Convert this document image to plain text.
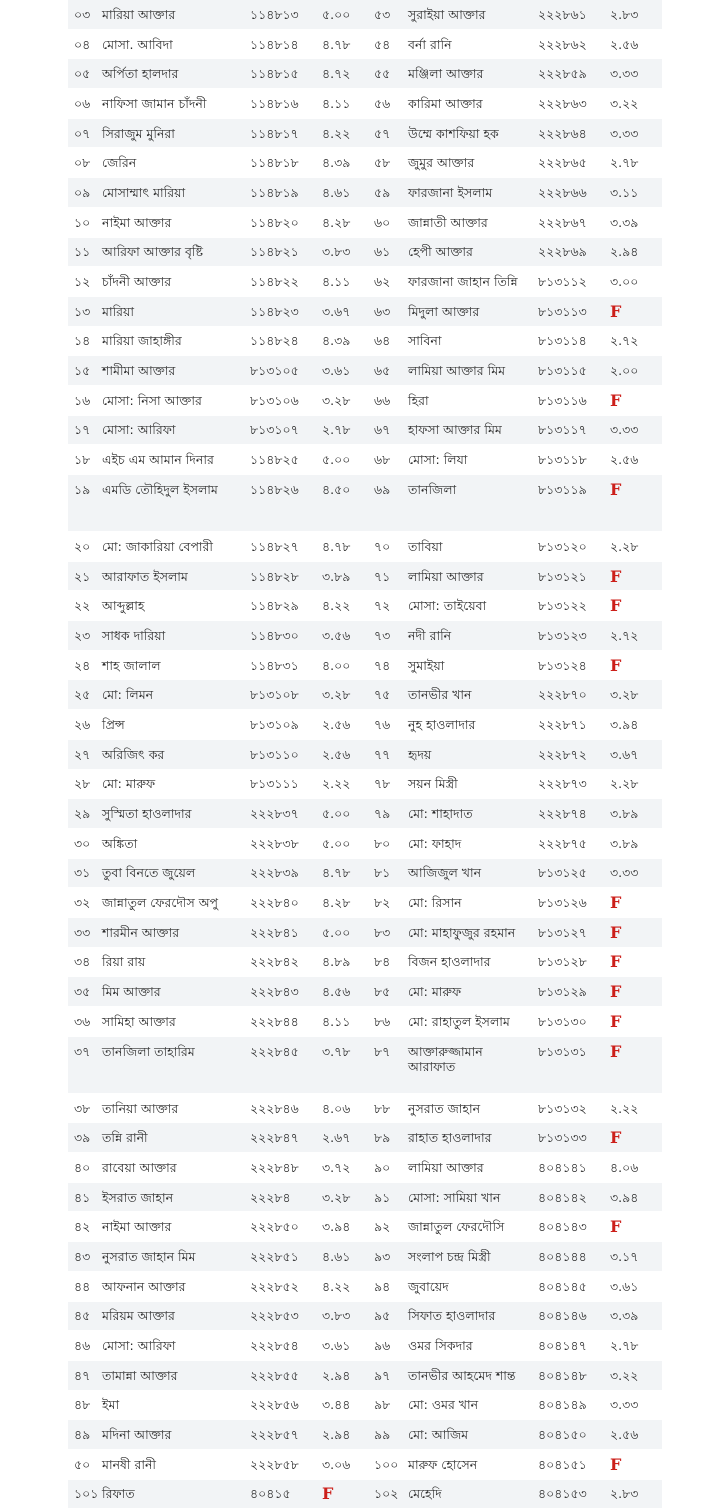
০৩	মারিয়া আক্তার	১১৪৮১৩	৫.০০	৫৩	সুরাইয়া আক্তার	২২২৮৬১	২.৮৩
০৪	মোসা. আবিদা	১১৪৮১৪	৪.৭৮	৫৪	বর্না রানি	২২২৮৬২	২.৫৬
০৫	অর্পিতা হালদার	১১৪৮১৫	৪.৭২	৫৫	মঞ্জিলা আক্তার	২২২৮৫৯	৩.৩৩
০৬	নাফিসা জামান চাঁদনী	১১৪৮১৬	৪.১১	৫৬	কারিমা আক্তার	২২২৮৬৩	৩.২২
০৭	সিরাজুম মুনিরা	১১৪৮১৭	৪.২২	৫৭	উম্মে কাশফিয়া হক	২২২৮৬৪	৩.৩৩
০৮	জেরিন	১১৪৮১৮	৪.৩৯	৫৮	জুমুর আক্তার	২২২৮৬৫	২.৭৮
০৯	মোসাম্মাৎ মারিয়া	১১৪৮১৯	৪.৬১	৫৯	ফারজানা ইসলাম	২২২৮৬৬	৩.১১
১০	নাইমা আক্তার	১১৪৮২০	৪.২৮	৬০	জান্নাতী আক্তার	২২২৮৬৭	৩.৩৯
১১	আরিফা আক্তার বৃষ্টি	১১৪৮২১	৩.৮৩	৬১	হেপী আক্তার	২২২৮৬৯	২.৯৪
১২	চাঁদনী আক্তার	১১৪৮২২	৪.১১	৬২	ফারজানা জাহান তিন্নি	৮১৩১১২	৩.০০
১৩	মারিয়া	১১৪৮২৩	৩.৬৭	৬৩	মিদুলা আক্তার	৮১৩১১৩	F
১৪	মারিয়া জাহাঙ্গীর	১১৪৮২৪	৪.৩৯	৬৪	সাবিনা	৮১৩১১৪	২.৭২
১৫	শামীমা আক্তার	৮১৩১০৫	৩.৬১	৬৫	লামিয়া আক্তার মিম	৮১৩১১৫	২.০০
১৬	মোসা: নিসা আক্তার	৮১৩১০৬	৩.২৮	৬৬	হিরা	৮১৩১১৬	F
১৭	মোসা: আরিফা	৮১৩১০৭	২.৭৮	৬৭	হাফসা আক্তার মিম	৮১৩১১৭	৩.৩৩
১৮	এইচ এম আমান দিনার	১১৪৮২৫	৫.০০	৬৮	মোসা: লিযা	৮১৩১১৮	২.৫৬
১৯	এমডি তৌহিদুল ইসলাম	১১৪৮২৬	৪.৫০	৬৯	তানজিলা	৮১৩১১৯	F
২০	মো: জাকারিয়া বেপারী	১১৪৮২৭	৪.৭৮	৭০	তাবিয়া	৮১৩১২০	২.২৮
২১	আরাফাত ইসলাম	১১৪৮২৮	৩.৮৯	৭১	লামিয়া আক্তার	৮১৩১২১	F
২২	আব্দুল্লাহ	১১৪৮২৯	৪.২২	৭২	মোসা: তাইয়েবা	৮১৩১২২	F
২৩	সাধক দারিয়া	১১৪৮৩০	৩.৫৬	৭৩	নদী রানি	৮১৩১২৩	২.৭২
২৪	শাহ জালাল	১১৪৮৩১	৪.০০	৭৪	সুমাইয়া	৮১৩১২৪	F
২৫	মো: লিমন	৮১৩১০৮	৩.২৮	৭৫	তানভীর খান	২২২৮৭০	৩.২৮
২৬	প্রিন্স	৮১৩১০৯	২.৫৬	৭৬	নুহ হাওলাদার	২২২৮৭১	৩.৯৪
২৭	অরিজিৎ কর	৮১৩১১০	২.৫৬	৭৭	হৃদয়	২২২৮৭২	৩.৬৭
২৮	মো: মারুফ	৮১৩১১১	২.২২	৭৮	সয়ন মিস্ত্রী	২২২৮৭৩	২.২৮
২৯	সুস্মিতা হাওলাদার	২২২৮৩৭	৫.০০	৭৯	মো: শাহাদাত	২২২৮৭৪	৩.৮৯
৩০	অঙ্কিতা	২২২৮৩৮	৫.০০	৮০	মো: ফাহাদ	২২২৮৭৫	৩.৮৯
৩১	তুবা বিনতে জুয়েল	২২২৮৩৯	৪.৭৮	৮১	আজিজুল খান	৮১৩১২৫	৩.৩৩
৩২	জান্নাতুল ফেরদৌস অপু	২২২৮৪০	৪.২৮	৮২	মো: রিসান	৮১৩১২৬	F
৩৩	শারমীন আক্তার	২২২৮৪১	৫.০০	৮৩	মো: মাহাফুজুর রহমান	৮১৩১২৭	F
৩৪	রিয়া রায়	২২২৮৪২	৪.৮৯	৮৪	বিজন হাওলাদার	৮১৩১২৮	F
৩৫	মিম আক্তার	২২২৮৪৩	৪.৫৬	৮৫	মো: মারুফ	৮১৩১২৯	F
৩৬	সামিহা আক্তার	২২২৮৪৪	৪.১১	৮৬	মো: রাহাতুল ইসলাম	৮১৩১৩০	F
৩৭	তানজিলা তাহারিম	২২২৮৪৫	৩.৭৮	৮৭	আক্তারুজ্জামান আরাফাত	৮১৩১৩১	F
৩৮	তানিয়া আক্তার	২২২৮৪৬	৪.০৬	৮৮	নুসরাত জাহান	৮১৩১৩২	২.২২
৩৯	তন্নি রানী	২২২৮৪৭	২.৬৭	৮৯	রাহাত হাওলাদার	৮১৩১৩৩	F
৪০	রাবেয়া আক্তার	২২২৮৪৮	৩.৭২	৯০	লামিয়া আক্তার	৪০৪১৪১	৪.০৬
৪১	ইসরাত জাহান	২২২৮৪	৩.২৮	৯১	মোসা: সামিয়া খান	৪০৪১৪২	৩.৯৪
৪২	নাইমা আক্তার	২২২৮৫০	৩.৯৪	৯২	জান্নাতুল ফেরদৌসি	৪০৪১৪৩	F
৪৩	নুসরাত জাহান মিম	২২২৮৫১	৪.৬১	৯৩	সংলাপ চন্দ্র মিস্ত্রী	৪০৪১৪৪	৩.১৭
৪৪	আফনান আক্তার	২২২৮৫২	৪.২২	৯৪	জুবায়েদ	৪০৪১৪৫	৩.৬১
৪৫	মরিয়ম আক্তার	২২২৮৫৩	৩.৮৩	৯৫	সিফাত হাওলাদার	৪০৪১৪৬	৩.৩৯
৪৬	মোসা: আরিফা	২২২৮৫৪	৩.৬১	৯৬	ওমর সিকদার	৪০৪১৪৭	২.৭৮
৪৭	তামান্না আক্তার	২২২৮৫৫	২.৯৪	৯৭	তানভীর আহমেদ শান্ত	৪০৪১৪৮	৩.২২
৪৮	ইমা	২২২৮৫৬	৩.৪৪	৯৮	মো: ওমর খান	৪০৪১৪৯	৩.৩৩
৪৯	মদিনা আক্তার	২২২৮৫৭	২.৯৪	৯৯	মো: আজিম	৪০৪১৫০	২.৫৬
৫০	মানষী রানী	২২২৮৫৮	৩.০৬	১০০	মারুফ হোসেন	৪০৪১৫১	F
১০১	রিফাত	৪০৪১৫	F	১০২	মেহেদি	৪০৪১৫৩	২.৮৩
